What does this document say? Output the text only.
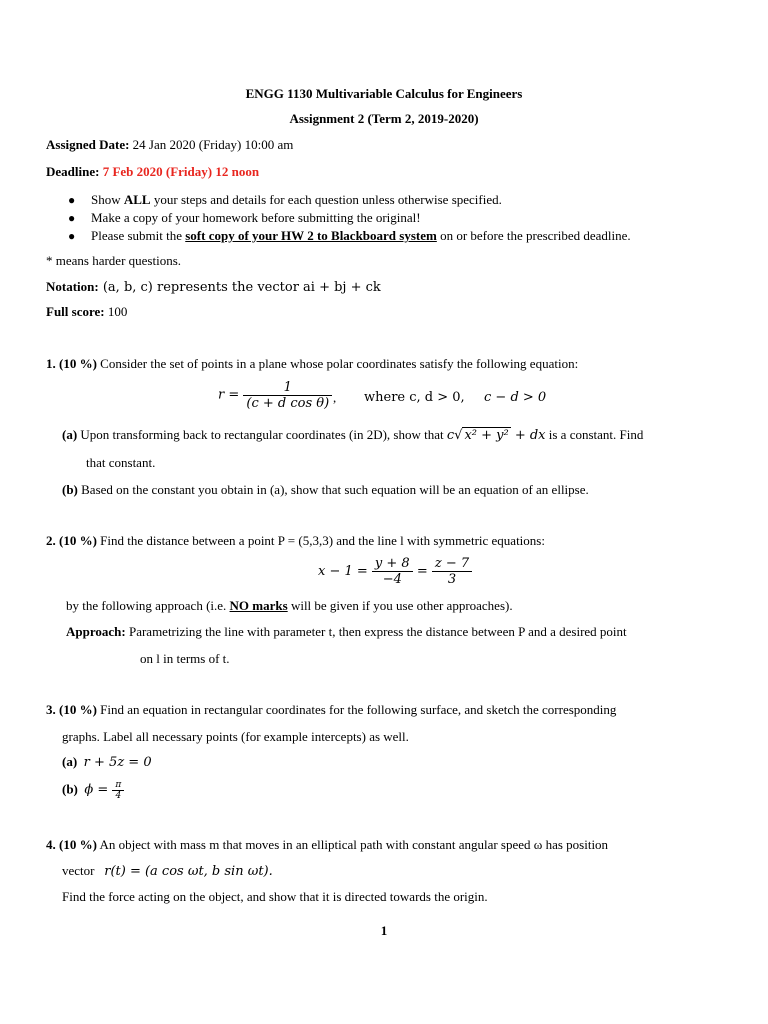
ENGG 1130 Multivariable Calculus for Engineers
Assignment 2 (Term 2, 2019-2020)
Assigned Date: 24 Jan 2020 (Friday) 10:00 am
Deadline: 7 Feb 2020 (Friday) 12 noon
● Show ALL your steps and details for each question unless otherwise specified.
● Make a copy of your homework before submitting the original!
● Please submit the soft copy of your HW 2 to Blackboard system on or before the prescribed deadline.
* means harder questions.
Notation: (a, b, c) represents the vector ai + bj + ck
Full score: 100
1. (10 %) Consider the set of points in a plane whose polar coordinates satisfy the following equation:
$r = \frac{1}{\text{(c + d cos θ)}}$ , where c, d > 0, c − d > 0
(a) Upon transforming back to rectangular coordinates (in 2D), show that c√ x² + y² + dx is a constant. Find
that constant.
(b) Based on the constant you obtain in (a), show that such equation will be an equation of an ellipse.
2. (10 %) Find the distance between a point P = (5,3,3) and the line l with symmetric equations:
$x - 1 = \frac{y + 8}{-4} = \frac{z - 7}{3}$
by the following approach (i.e. NO marks will be given if you use other approaches).
Approach: Parametrizing the line with parameter t, then express the distance between P and a desired point
on l in terms of t.
3. (10 %) Find an equation in rectangular coordinates for the following surface, and sketch the corresponding
graphs. Label all necessary points (for example intercepts) as well.
(a) r + 5z = 0
(b) $\phi = \frac{\pi}{4}$
4. (10 %) An object with mass m that moves in an elliptical path with constant angular speed ω has position
vector r(t) = (a cos ωt, b sin ωt).
Find the force acting on the object, and show that it is directed towards the origin.
1
